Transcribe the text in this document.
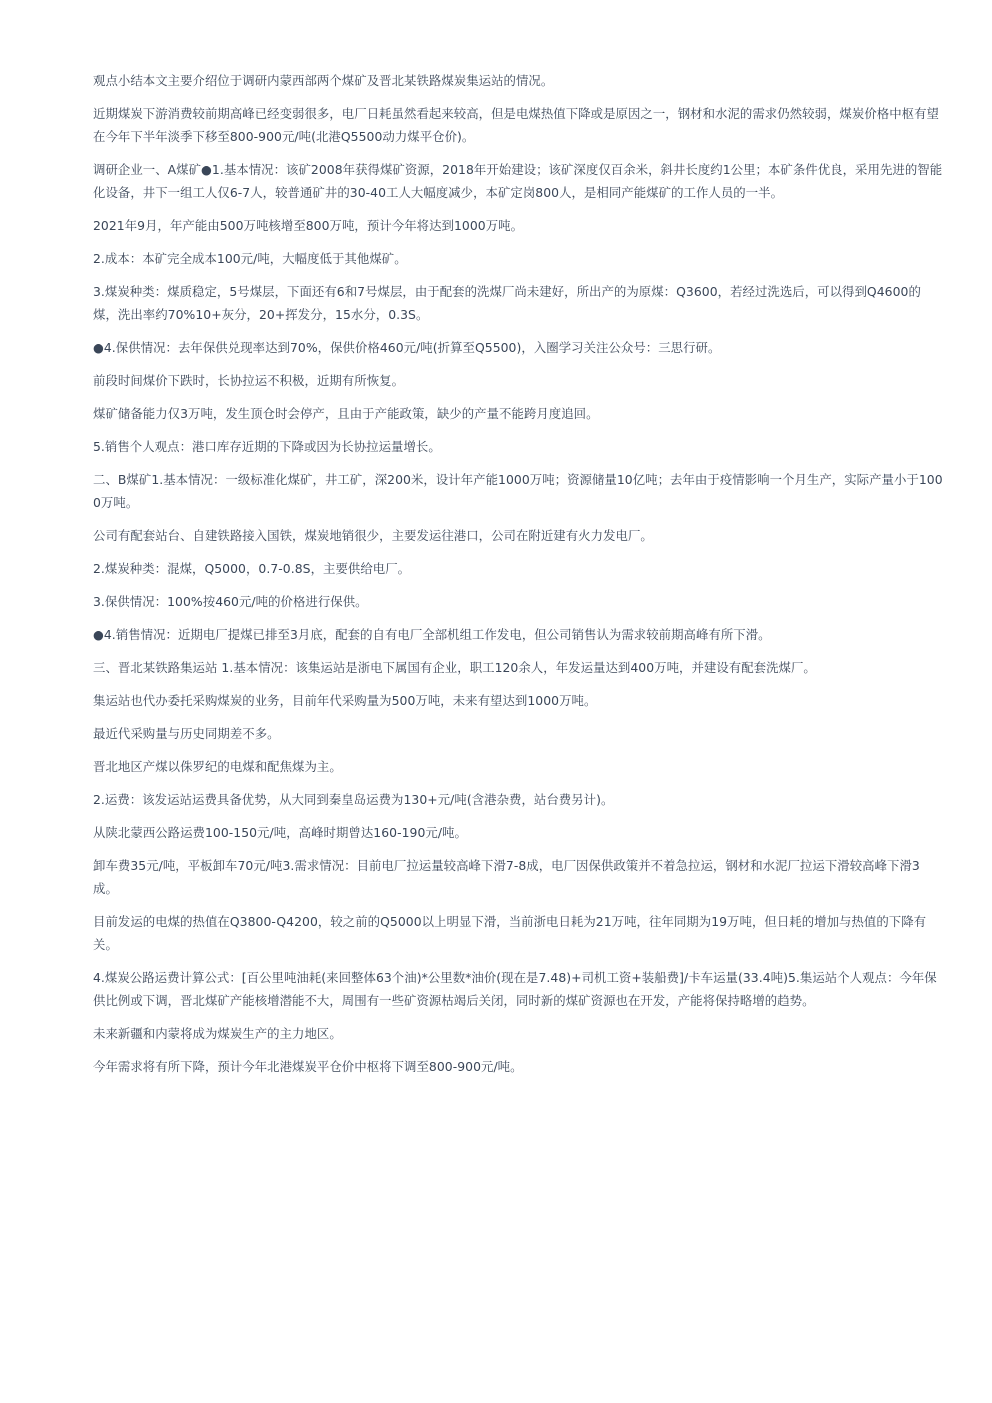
观点小结本文主要介绍位于调研内蒙西部两个煤矿及晋北某铁路煤炭集运站的情况。

近期煤炭下游消费较前期高峰已经变弱很多，电厂日耗虽然看起来较高，但是电煤热值下降或是原因之一，钢材和水泥的需求仍然较弱，煤炭价格中枢有望在今年下半年淡季下移至800-900元/吨(北港Q5500动力煤平仓价)。

调研企业一、A煤矿●1.基本情况：该矿2008年获得煤矿资源，2018年开始建设；该矿深度仅百余米，斜井长度约1公里；本矿条件优良，采用先进的智能化设备，井下一组工人仅6-7人，较普通矿井的30-40工人大幅度减少，本矿定岗800人，是相同产能煤矿的工作人员的一半。

2021年9月，年产能由500万吨核增至800万吨，预计今年将达到1000万吨。

2.成本：本矿完全成本100元/吨，大幅度低于其他煤矿。

3.煤炭种类：煤质稳定，5号煤层，下面还有6和7号煤层，由于配套的洗煤厂尚未建好，所出产的为原煤：Q3600，若经过洗选后，可以得到Q4600的煤，洗出率约70%10+灰分，20+挥发分，15水分，0.3S。

●4.保供情况：去年保供兑现率达到70%，保供价格460元/吨(折算至Q5500)，入圈学习关注公众号：三思行研。

前段时间煤价下跌时，长协拉运不积极，近期有所恢复。

煤矿储备能力仅3万吨，发生顶仓时会停产，且由于产能政策，缺少的产量不能跨月度追回。

5.销售个人观点：港口库存近期的下降或因为长协拉运量增长。

二、B煤矿1.基本情况：一级标准化煤矿，井工矿，深200米，设计年产能1000万吨；资源储量10亿吨；去年由于疫情影响一个月生产，实际产量小于1000万吨。

公司有配套站台、自建铁路接入国铁，煤炭地销很少，主要发运往港口，公司在附近建有火力发电厂。

2.煤炭种类：混煤，Q5000，0.7-0.8S，主要供给电厂。

3.保供情况：100%按460元/吨的价格进行保供。

●4.销售情况：近期电厂提煤已排至3月底，配套的自有电厂全部机组工作发电，但公司销售认为需求较前期高峰有所下滑。

三、晋北某铁路集运站 1.基本情况：该集运站是浙电下属国有企业，职工120余人，年发运量达到400万吨，并建设有配套洗煤厂。

集运站也代办委托采购煤炭的业务，目前年代采购量为500万吨，未来有望达到1000万吨。

最近代采购量与历史同期差不多。

晋北地区产煤以侏罗纪的电煤和配焦煤为主。

2.运费：该发运站运费具备优势，从大同到秦皇岛运费为130+元/吨(含港杂费，站台费另计)。

从陕北蒙西公路运费100-150元/吨，高峰时期曾达160-190元/吨。

卸车费35元/吨，平板卸车70元/吨3.需求情况：目前电厂拉运量较高峰下滑7-8成，电厂因保供政策并不着急拉运，钢材和水泥厂拉运下滑较高峰下滑3成。

目前发运的电煤的热值在Q3800-Q4200，较之前的Q5000以上明显下滑，当前浙电日耗为21万吨，往年同期为19万吨，但日耗的增加与热值的下降有关。

4.煤炭公路运费计算公式：[百公里吨油耗(来回整体63个油)*公里数*油价(现在是7.48)+司机工资+装船费]/卡车运量(33.4吨)5.集运站个人观点：今年保供比例或下调，晋北煤矿产能核增潜能不大，周围有一些矿资源枯竭后关闭，同时新的煤矿资源也在开发，产能将保持略增的趋势。

未来新疆和内蒙将成为煤炭生产的主力地区。

今年需求将有所下降，预计今年北港煤炭平仓价中枢将下调至800-900元/吨。
